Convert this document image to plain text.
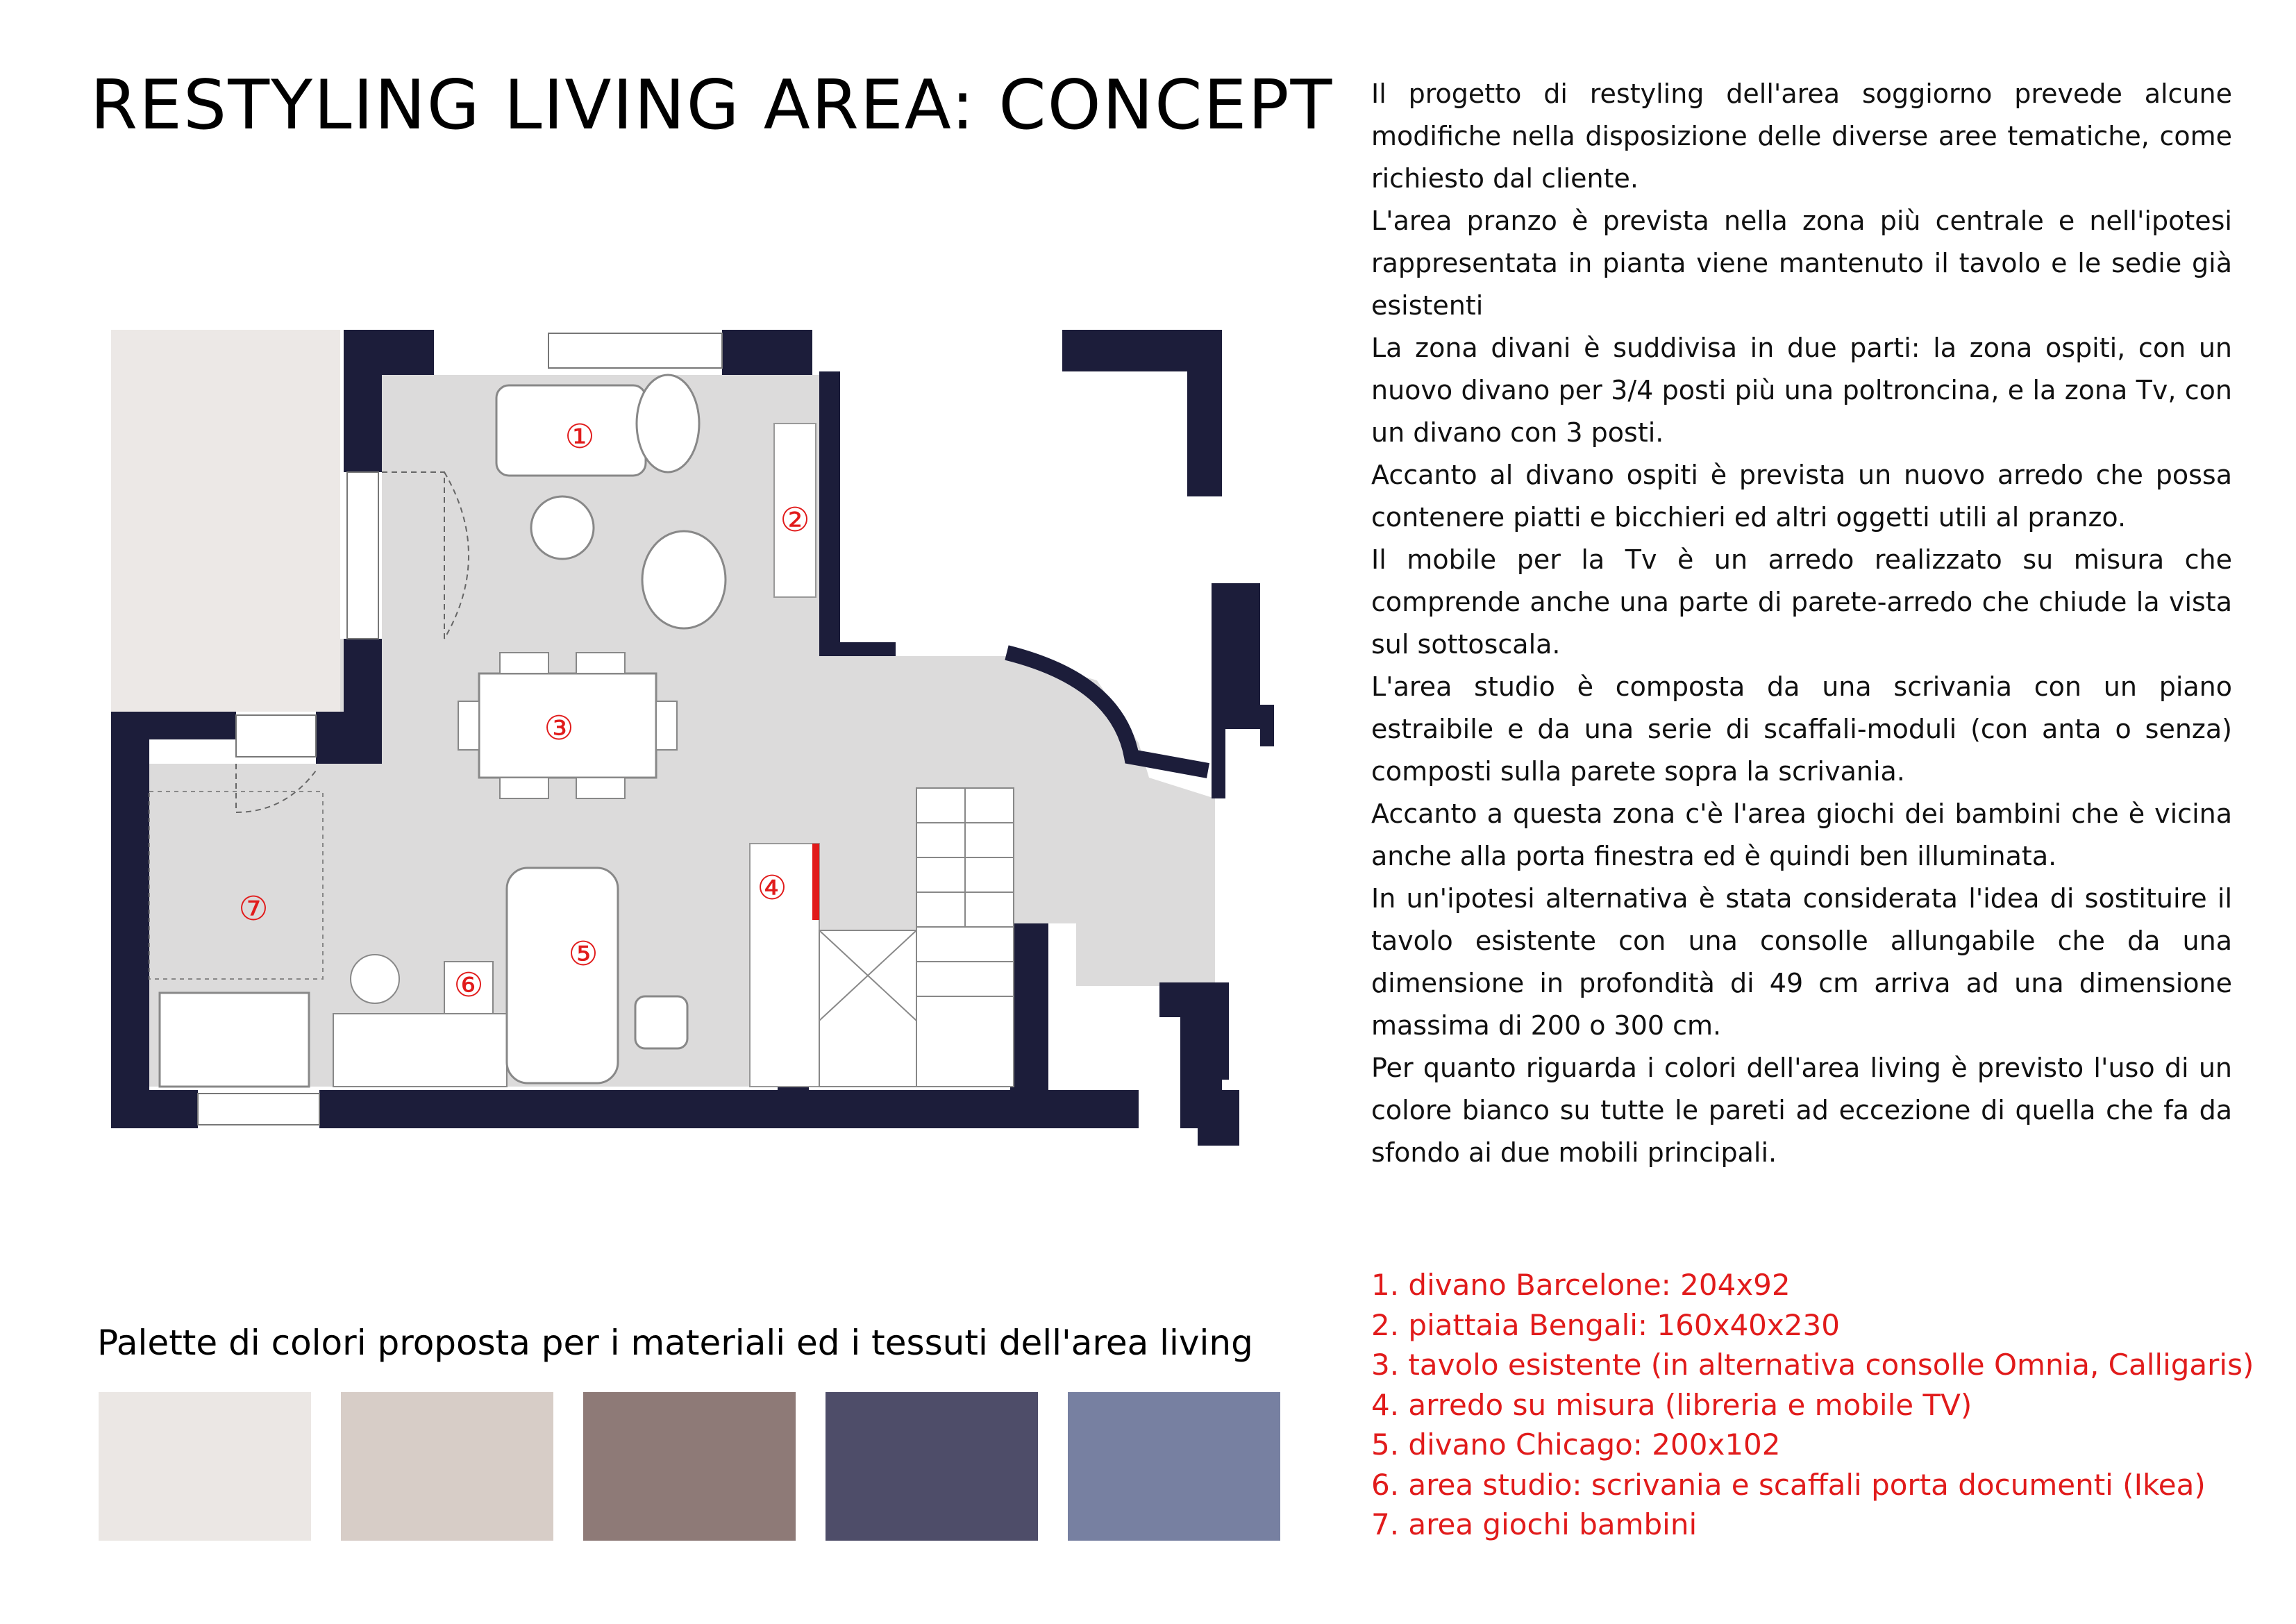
RESTYLING LIVING AREA: CONCEPT
①
②
③
④
⑤
⑥
⑦

Il progetto di restyling dell'area soggiorno prevede alcune modifiche nella disposizione delle diverse aree tematiche, come richiesto dal cliente.

L'area pranzo è prevista nella zona più centrale e nell'ipotesi rappresentata in pianta viene mantenuto il tavolo e le sedie già esistenti

La zona divani è suddivisa in due parti: la zona ospiti, con un nuovo divano per 3/4 posti più una poltroncina, e la zona Tv, con un divano con 3 posti.

Accanto al divano ospiti è prevista un nuovo arredo che possa contenere piatti e bicchieri ed altri oggetti utili al pranzo.

Il mobile per la Tv è un arredo realizzato su misura che comprende anche una parte di parete-arredo che chiude la vista sul sottoscala.

L'area studio è composta da una scrivania con un piano estraibile e da una serie di scaffali-moduli (con anta o senza) composti sulla parete sopra la scrivania.

Accanto a questa zona c'è l'area giochi dei bambini che è vicina anche alla porta finestra ed è quindi ben illuminata.

In un'ipotesi alternativa è stata considerata l'idea di sostituire il tavolo esistente con una consolle allungabile che da una dimensione in profondità di 49 cm arriva ad una dimensione massima di 200 o 300 cm.

Per quanto riguarda i colori dell'area living è previsto l'uso di un colore bianco su tutte le pareti ad eccezione di quella che fa da sfondo ai due mobili principali.

Palette di colori proposta per i materiali ed i tessuti dell'area living
1. divano Barcelone: 204x92
2. piattaia Bengali: 160x40x230
3. tavolo esistente (in alternativa consolle Omnia, Calligaris)
4. arredo su misura (libreria e mobile TV)
5. divano Chicago: 200x102
6. area studio: scrivania e scaffali porta documenti (Ikea)
7. area giochi bambini
